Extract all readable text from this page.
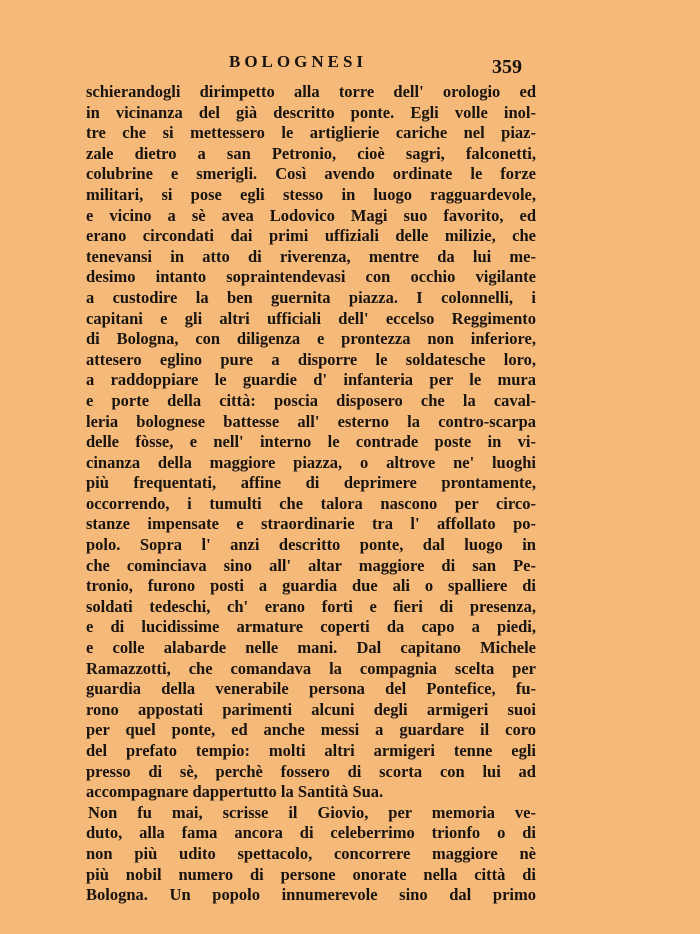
BOLOGNESI	359
schierandogli dirimpetto alla torre dell' orologio ed
in vicinanza del già descritto ponte. Egli volle inol-
tre che si mettessero le artiglierie cariche nel piaz-
zale dietro a san Petronio, cioè sagri, falconetti,
colubrine e smerigli. Così avendo ordinate le forze
militari, si pose egli stesso in luogo ragguardevole,
e vicino a sè avea Lodovico Magi suo favorito, ed
erano circondati dai primi uffiziali delle milizie, che
tenevansi in atto di riverenza, mentre da lui me-
desimo intanto sopraintendevasi con occhio vigilante
a custodire la ben guernita piazza. I colonnelli, i
capitani e gli altri ufficiali dell' eccelso Reggimento
di Bologna, con diligenza e prontezza non inferiore,
attesero eglino pure a disporre le soldatesche loro,
a raddoppiare le guardie d' infanteria per le mura
e porte della città: poscia disposero che la caval-
leria bolognese battesse all' esterno la contro-scarpa
delle fòsse, e nell' interno le contrade poste in vi-
cinanza della maggiore piazza, o altrove ne' luoghi
più frequentati, affine di deprimere prontamente,
occorrendo, i tumulti che talora nascono per circo-
stanze impensate e straordinarie tra l' affollato po-
polo. Sopra l' anzi descritto ponte, dal luogo in
che cominciava sino all' altar maggiore di san Pe-
tronio, furono posti a guardia due ali o spalliere di
soldati tedeschi, ch' erano forti e fieri di presenza,
e di lucidissime armature coperti da capo a piedi,
e colle alabarde nelle mani. Dal capitano Michele
Ramazzotti, che comandava la compagnia scelta per
guardia della venerabile persona del Pontefice, fu-
rono appostati parimenti alcuni degli armigeri suoi
per quel ponte, ed anche messi a guardare il coro
del prefato tempio: molti altri armigeri tenne egli
presso di sè, perchè fossero di scorta con lui ad
accompagnare dappertutto la Santità Sua.
Non fu mai, scrisse il Giovio, per memoria ve-
duto, alla fama ancora di celeberrimo trionfo o di
non più udito spettacolo, concorrere maggiore nè
più nobil numero di persone onorate nella città di
Bologna. Un popolo innumerevole sino dal primo
